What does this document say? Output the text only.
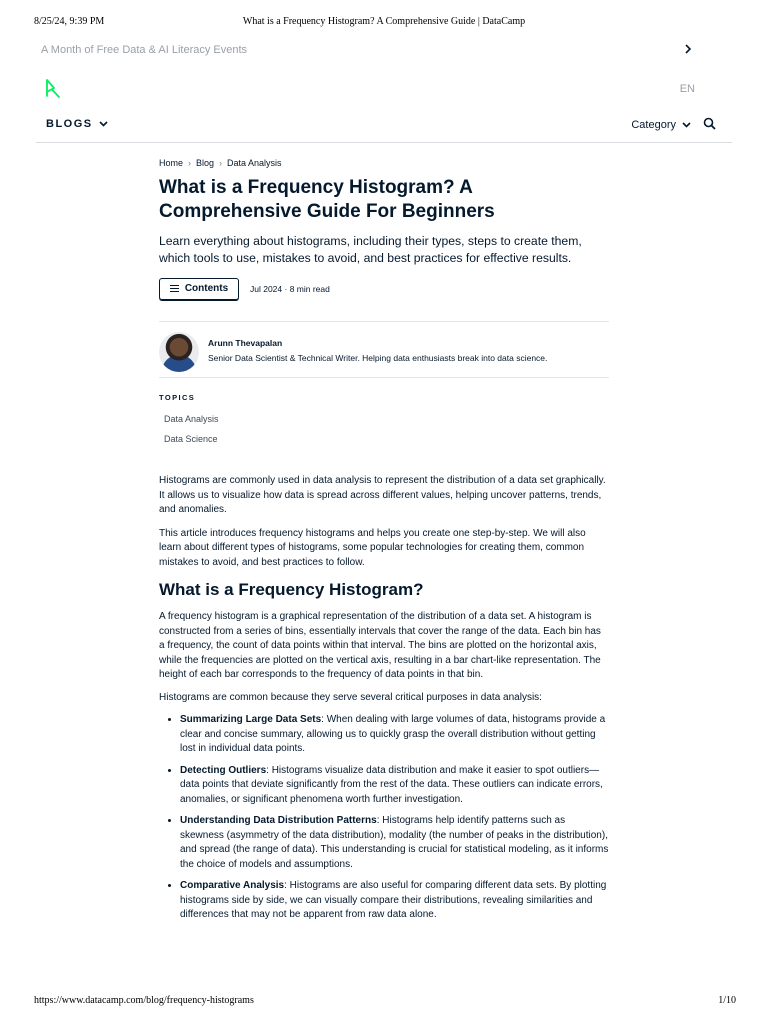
8/25/24, 9:39 PM	What is a Frequency Histogram? A Comprehensive Guide | DataCamp
A Month of Free Data & AI Literacy Events
EN
BLOGS	Category
Home › Blog › Data Analysis
What is a Frequency Histogram? A Comprehensive Guide For Beginners

Learn everything about histograms, including their types, steps to create them, which tools to use, mistakes to avoid, and best practices for effective results.

Contents	Jul 2024 · 8 min read
Arunn Thevapalan
Senior Data Scientist & Technical Writer. Helping data enthusiasts break into data science.
TOPICS
Data Analysis
Data Science

Histograms are commonly used in data analysis to represent the distribution of a data set graphically. It allows us to visualize how data is spread across different values, helping uncover patterns, trends, and anomalies.

This article introduces frequency histograms and helps you create one step-by-step. We will also learn about different types of histograms, some popular technologies for creating them, common mistakes to avoid, and best practices to follow.

What is a Frequency Histogram?

A frequency histogram is a graphical representation of the distribution of a data set. A histogram is constructed from a series of bins, essentially intervals that cover the range of the data. Each bin has a frequency, the count of data points within that interval. The bins are plotted on the horizontal axis, while the frequencies are plotted on the vertical axis, resulting in a bar chart-like representation. The height of each bar corresponds to the frequency of data points in that bin.

Histograms are common because they serve several critical purposes in data analysis:

• Summarizing Large Data Sets: When dealing with large volumes of data, histograms provide a clear and concise summary, allowing us to quickly grasp the overall distribution without getting lost in individual data points.
• Detecting Outliers: Histograms visualize data distribution and make it easier to spot outliers—data points that deviate significantly from the rest of the data. These outliers can indicate errors, anomalies, or significant phenomena worth further investigation.
• Understanding Data Distribution Patterns: Histograms help identify patterns such as skewness (asymmetry of the data distribution), modality (the number of peaks in the distribution), and spread (the range of data). This understanding is crucial for statistical modeling, as it informs the choice of models and assumptions.
• Comparative Analysis: Histograms are also useful for comparing different data sets. By plotting histograms side by side, we can visually compare their distributions, revealing similarities and differences that may not be apparent from raw data alone.
https://www.datacamp.com/blog/frequency-histograms	1/10
